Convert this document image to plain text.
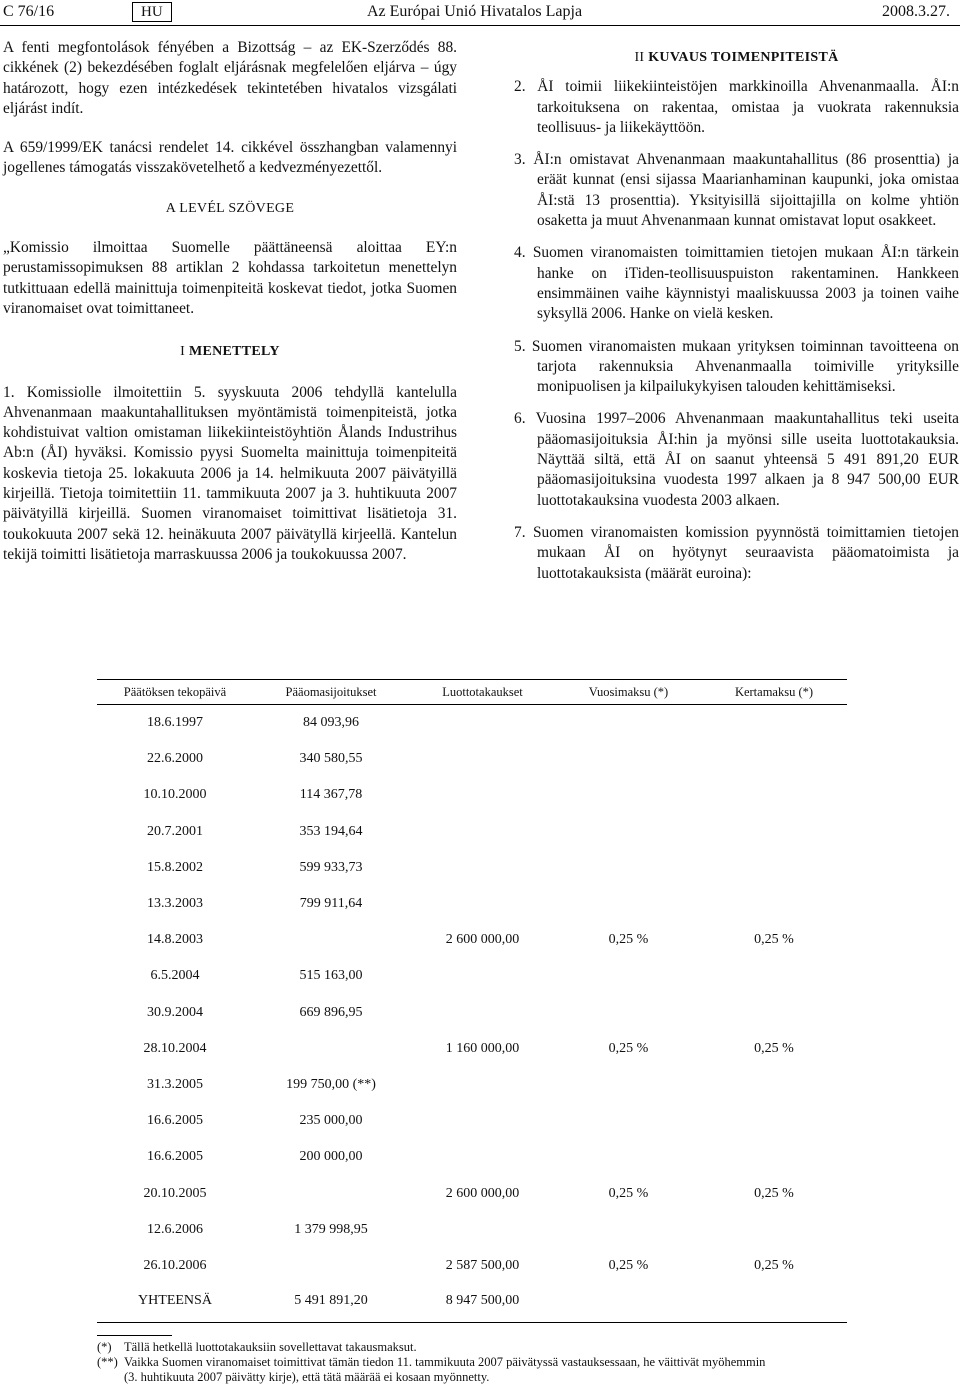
C 76/16	HU	Az Európai Unió Hivatalos Lapja	2008.3.27.

A fenti megfontolások fényében a Bizottság – az EK-Szerződés 88. cikkének (2) bekezdésében foglalt eljárásnak megfelelően eljárva – úgy határozott, hogy ezen intézkedések tekintetében hivatalos vizsgálati eljárást indít.

A 659/1999/EK tanácsi rendelet 14. cikkével összhangban valamennyi jogellenes támogatás visszakövetelhető a kedvezményezettől.

A LEVÉL SZÖVEGE

„Komissio ilmoittaa Suomelle päättäneensä aloittaa EY:n perustamissopimuksen 88 artiklan 2 kohdassa tarkoitetun menettelyn tutkittuaan edellä mainittuja toimenpiteitä koskevat tiedot, jotka Suomen viranomaiset ovat toimittaneet.

I MENETTELY

1. Komissiolle ilmoitettiin 5. syyskuuta 2006 tehdyllä kantelulla Ahvenanmaan maakuntahallituksen myöntämistä toimenpiteistä, jotka kohdistuivat valtion omistaman liikekiinteistöyhtiön Ålands Industrihus Ab:n (ÅI) hyväksi. Komissio pyysi Suomelta mainittuja toimenpiteitä koskevia tietoja 25. lokakuuta 2006 ja 14. helmikuuta 2007 päivätyillä kirjeillä. Tietoja toimitettiin 11. tammikuuta 2007 ja 3. huhtikuuta 2007 päivätyillä kirjeillä. Suomen viranomaiset toimittivat lisätietoja 31. toukokuuta 2007 sekä 12. heinäkuuta 2007 päivätyllä kirjeellä. Kantelun tekijä toimitti lisätietoja marraskuussa 2006 ja toukokuussa 2007.

II KUVAUS TOIMENPITEISTÄ

2. ÅI toimii liikekiinteistöjen markkinoilla Ahvenanmaalla. ÅI:n tarkoituksena on rakentaa, omistaa ja vuokrata rakennuksia teollisuus- ja liikekäyttöön.

3. ÅI:n omistavat Ahvenanmaan maakuntahallitus (86 prosenttia) ja eräät kunnat (ensi sijassa Maarianhaminan kaupunki, joka omistaa ÅI:stä 13 prosenttia). Yksityisillä sijoittajilla on kolme yhtiön osaketta ja muut Ahvenanmaan kunnat omistavat loput osakkeet.

4. Suomen viranomaisten toimittamien tietojen mukaan ÅI:n tärkein hanke on iTiden-teollisuuspuiston rakentaminen. Hankkeen ensimmäinen vaihe käynnistyi maaliskuussa 2003 ja toinen vaihe syksyllä 2006. Hanke on vielä kesken.

5. Suomen viranomaisten mukaan yrityksen toiminnan tavoitteena on tarjota rakennuksia Ahvenanmaalla toimiville yrityksille monipuolisen ja kilpailukykyisen talouden kehittämiseksi.

6. Vuosina 1997–2006 Ahvenanmaan maakuntahallitus teki useita pääomasijoituksia ÅI:hin ja myönsi sille useita luottotakauksia. Näyttää siltä, että ÅI on saanut yhteensä 5 491 891,20 EUR pääomasijoituksina vuodesta 1997 alkaen ja 8 947 500,00 EUR luottotakauksina vuodesta 2003 alkaen.

7. Suomen viranomaisten komission pyynnöstä toimittamien tietojen mukaan ÅI on hyötynyt seuraavista pääomatoimista ja luottotakauksista (määrät euroina):

Päätöksen tekopäivä	Pääomasijoitukset	Luottotakaukset	Vuosimaksu (*)	Kertamaksu (*)
18.6.1997	84 093,96			
22.6.2000	340 580,55			
10.10.2000	114 367,78			
20.7.2001	353 194,64			
15.8.2002	599 933,73			
13.3.2003	799 911,64			
14.8.2003		2 600 000,00	0,25 %	0,25 %
6.5.2004	515 163,00			
30.9.2004	669 896,95			
28.10.2004		1 160 000,00	0,25 %	0,25 %
31.3.2005	199 750,00 (**)			
16.6.2005	235 000,00			
16.6.2005	200 000,00			
20.10.2005		2 600 000,00	0,25 %	0,25 %
12.6.2006	1 379 998,95			
26.10.2006		2 587 500,00	0,25 %	0,25 %
YHTEENSÄ	5 491 891,20	8 947 500,00		
(*) Tällä hetkellä luottotakauksiin sovellettavat takausmaksut.
(**) Vaikka Suomen viranomaiset toimittivat tämän tiedon 11. tammikuuta 2007 päivätyssä vastauksessaan, he väittivät myöhemmin
(3. huhtikuuta 2007 päivätty kirje), että tätä määrää ei kosaan myönnetty.
